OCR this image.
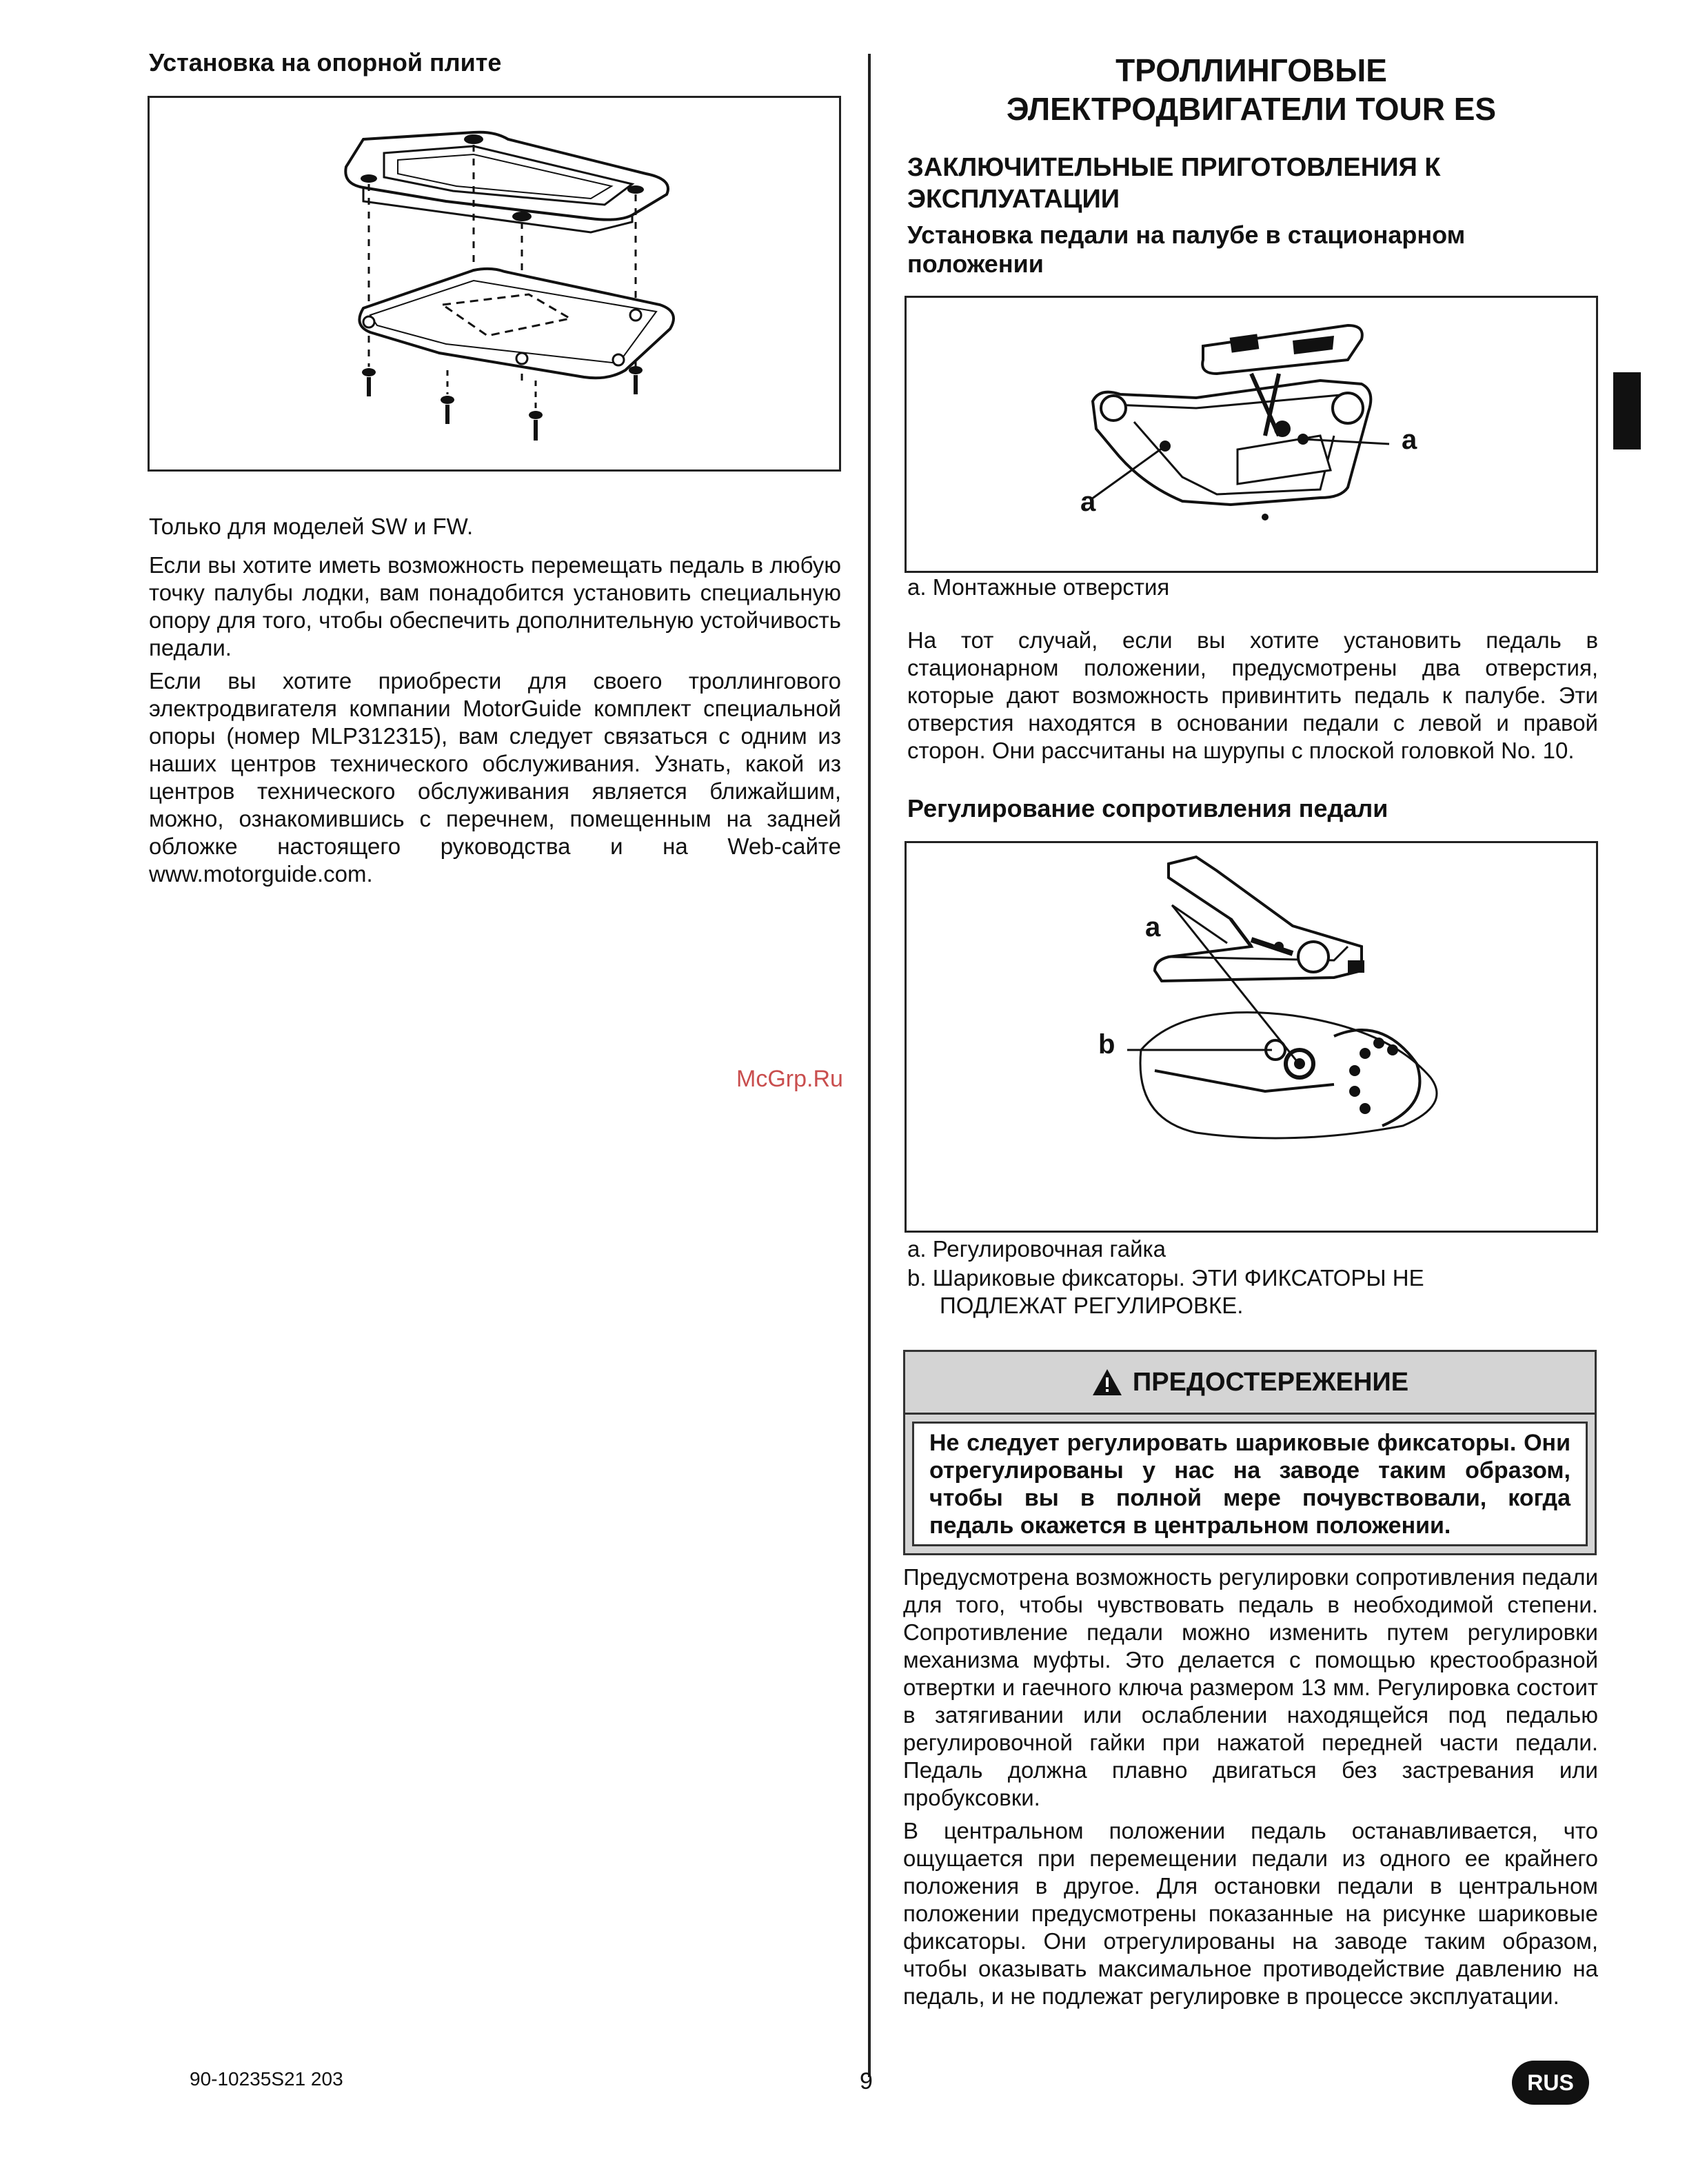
Установка на опорной плите
Только для моделей SW и FW.
Если вы хотите иметь возможность перемещать педаль в любую точку палубы лодки, вам понадобится установить специальную опору для того, чтобы обеспечить дополнительную устойчивость педали.
Если вы хотите приобрести для своего троллингового электродвигателя компании MotorGuide комплект специальной опоры (номер MLP312315), вам следует связаться с одним из наших центров технического обслуживания. Узнать, какой из центров технического обслуживания является ближайшим, можно, ознакомившись с перечнем, помещенным на задней обложке настоящего руководства и на Web-сайте www.motorguide.com.
ТРОЛЛИНГОВЫЕ
ЭЛЕКТРОДВИГАТЕЛИ TOUR ES
ЗАКЛЮЧИТЕЛЬНЫЕ ПРИГОТОВЛЕНИЯ К ЭКСПЛУАТАЦИИ
Установка педали на палубе в стационарном положении
a
a
a. Монтажные отверстия
На тот случай, если вы хотите установить педаль в стационарном положении, предусмотрены два отверстия, которые дают возможность привинтить педаль к палубе. Эти отверстия находятся в основании педали с левой и правой сторон. Они рассчитаны на шурупы с плоской головкой No. 10.
Регулирование сопротивления педали
a
b
a. Регулировочная гайка
b. Шариковые фиксаторы. ЭТИ ФИКСАТОРЫ НЕ
ПОДЛЕЖАТ РЕГУЛИРОВКЕ.
ПРЕДОСТЕРЕЖЕНИЕ
Не следует регулировать шариковые фиксаторы. Они отрегулированы у нас на заводе таким образом, чтобы вы в полной мере почувствовали, когда педаль окажется в центральном положении.
Предусмотрена возможность регулировки сопротивления педали для того, чтобы чувствовать педаль в необходимой степени. Сопротивление педали можно изменить путем регулировки механизма муфты. Это делается с помощью крестообразной отвертки и гаечного ключа размером 13 мм. Регулировка состоит в затягивании или ослаблении находящейся под педалью регулировочной гайки при нажатой передней части педали. Педаль должна плавно двигаться без застревания или пробуксовки.
В центральном положении педаль останавливается, что ощущается при перемещении педали из одного ее крайнего положения в другое. Для остановки педали в центральном положении предусмотрены показанные на рисунке шариковые фиксаторы. Они отрегулированы на заводе таким образом, чтобы оказывать максимальное противодействие давлению на педаль, и не подлежат регулировке в процессе эксплуатации.
90-10235S21 203	9	RUS
McGrp.Ru
